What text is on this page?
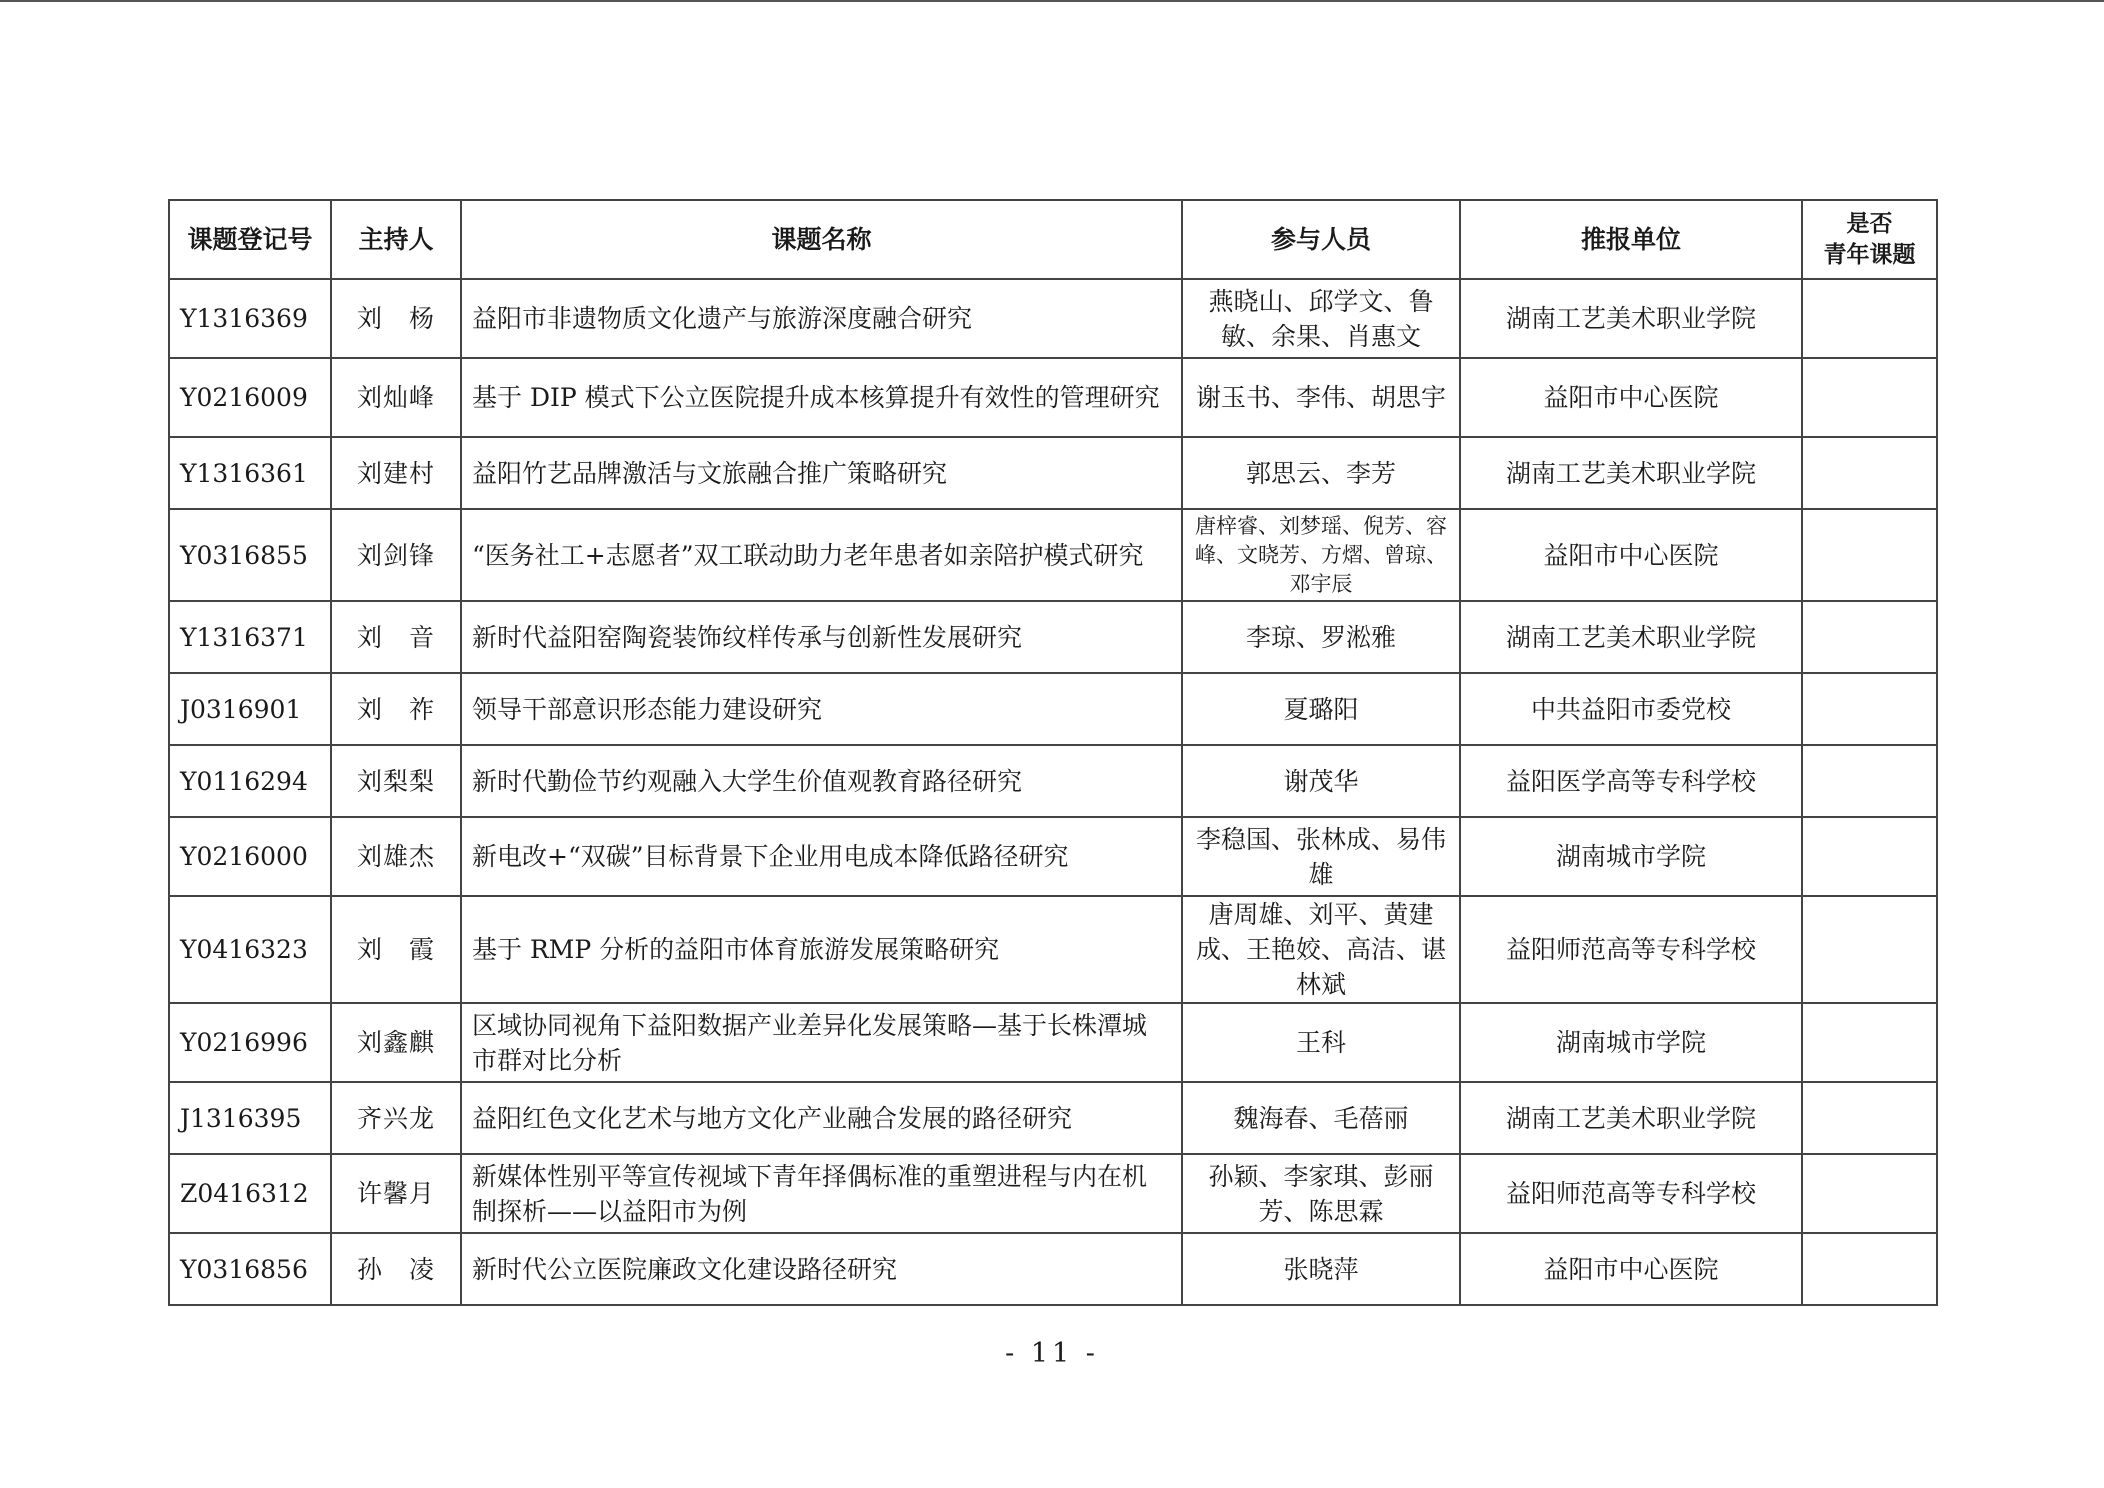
课题登记号	主持人	课题名称	参与人员	推报单位	是否
青年课题
Y1316369	刘　杨	益阳市非遗物质文化遗产与旅游深度融合研究	燕晓山、邱学文、鲁敏、余果、肖惠文	湖南工艺美术职业学院	
Y0216009	刘灿峰	基于 DIP 模式下公立医院提升成本核算提升有效性的管理研究	谢玉书、李伟、胡思宇	益阳市中心医院	
Y1316361	刘建村	益阳竹艺品牌激活与文旅融合推广策略研究	郭思云、李芳	湖南工艺美术职业学院	
Y0316855	刘剑锋	“医务社工+志愿者”双工联动助力老年患者如亲陪护模式研究	唐梓睿、刘梦瑶、倪芳、容峰、文晓芳、方熠、曾琼、邓宇辰	益阳市中心医院	
Y1316371	刘　音	新时代益阳窑陶瓷装饰纹样传承与创新性发展研究	李琼、罗淞雅	湖南工艺美术职业学院	
J0316901	刘　祚	领导干部意识形态能力建设研究	夏璐阳	中共益阳市委党校	
Y0116294	刘梨梨	新时代勤俭节约观融入大学生价值观教育路径研究	谢茂华	益阳医学高等专科学校	
Y0216000	刘雄杰	新电改+“双碳”目标背景下企业用电成本降低路径研究	李稳国、张林成、易伟雄	湖南城市学院	
Y0416323	刘　霞	基于 RMP 分析的益阳市体育旅游发展策略研究	唐周雄、刘平、黄建成、王艳姣、高洁、谌林斌	益阳师范高等专科学校	
Y0216996	刘鑫麒	区域协同视角下益阳数据产业差异化发展策略—基于长株潭城市群对比分析	王科	湖南城市学院	
J1316395	齐兴龙	益阳红色文化艺术与地方文化产业融合发展的路径研究	魏海春、毛蓓丽	湖南工艺美术职业学院	
Z0416312	许馨月	新媒体性别平等宣传视域下青年择偶标准的重塑进程与内在机制探析——以益阳市为例	孙颖、李家琪、彭丽芳、陈思霖	益阳师范高等专科学校	
Y0316856	孙　凌	新时代公立医院廉政文化建设路径研究	张晓萍	益阳市中心医院	
- 11 -
